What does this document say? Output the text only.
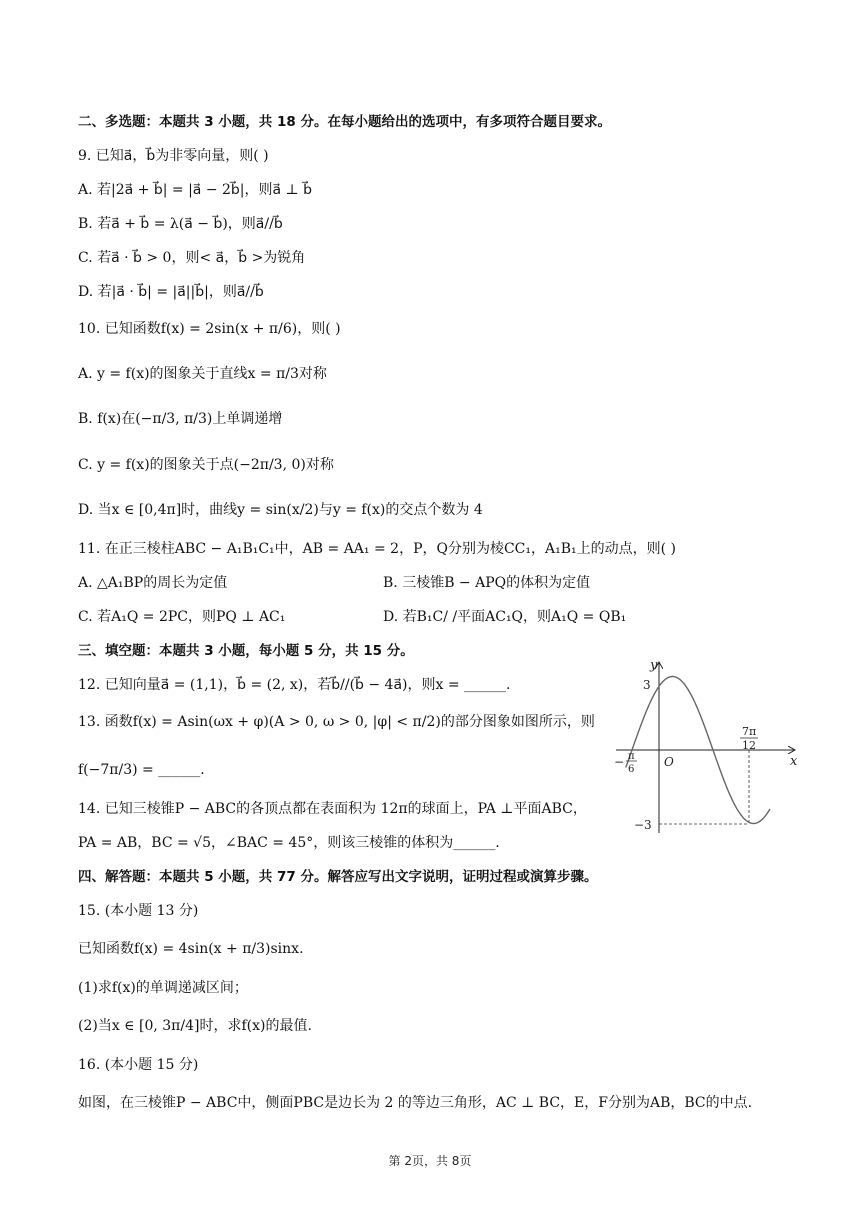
二、多选题：本题共 3 小题，共 18 分。在每小题给出的选项中，有多项符合题目要求。
9. 已知a⃗，b⃗为非零向量，则( )
A. 若|2a⃗ + b⃗| = |a⃗ − 2b⃗|，则a⃗ ⊥ b⃗
B. 若a⃗ + b⃗ = λ(a⃗ − b⃗)，则a⃗//b⃗
C. 若a⃗ · b⃗ > 0，则< a⃗，b⃗ >为锐角
D. 若|a⃗ · b⃗| = |a⃗||b⃗|，则a⃗//b⃗
10. 已知函数f(x) = 2sin(x + π/6)，则( )
A. y = f(x)的图象关于直线x = π/3对称
B. f(x)在(−π/3, π/3)上单调递增
C. y = f(x)的图象关于点(−2π/3, 0)对称
D. 当x ∈ [0,4π]时，曲线y = sin(x/2)与y = f(x)的交点个数为 4
11. 在正三棱柱ABC − A₁B₁C₁中，AB = AA₁ = 2，P，Q分别为棱CC₁，A₁B₁上的动点，则( )
A. △A₁BP的周长为定值	B. 三棱锥B − APQ的体积为定值
C. 若A₁Q = 2PC，则PQ ⊥ AC₁	D. 若B₁C/ /平面AC₁Q，则A₁Q = QB₁
三、填空题：本题共 3 小题，每小题 5 分，共 15 分。
12. 已知向量a⃗ = (1,1)，b⃗ = (2, x)，若b⃗//(b⃗ − 4a⃗)，则x = ______.
13. 函数f(x) = Asin(ωx + φ)(A > 0, ω > 0, |φ| < π/2)的部分图象如图所示，则
f(−7π/3) = ______.
14. 已知三棱锥P − ABC的各顶点都在表面积为 12π的球面上，PA ⊥平面ABC，
PA = AB，BC = √5，∠BAC = 45°，则该三棱锥的体积为______.
四、解答题：本题共 5 小题，共 77 分。解答应写出文字说明，证明过程或演算步骤。
15. (本小题 13 分)
已知函数f(x) = 4sin(x + π/3)sinx.
(1)求f(x)的单调递减区间；
(2)当x ∈ [0, 3π/4]时，求f(x)的最值.
16. (本小题 15 分)
如图，在三棱锥P − ABC中，侧面PBC是边长为 2 的等边三角形，AC ⊥ BC，E，F分别为AB，BC的中点.
y
x
O
3
−3
− π
6
7π
12
第 2页，共 8页
